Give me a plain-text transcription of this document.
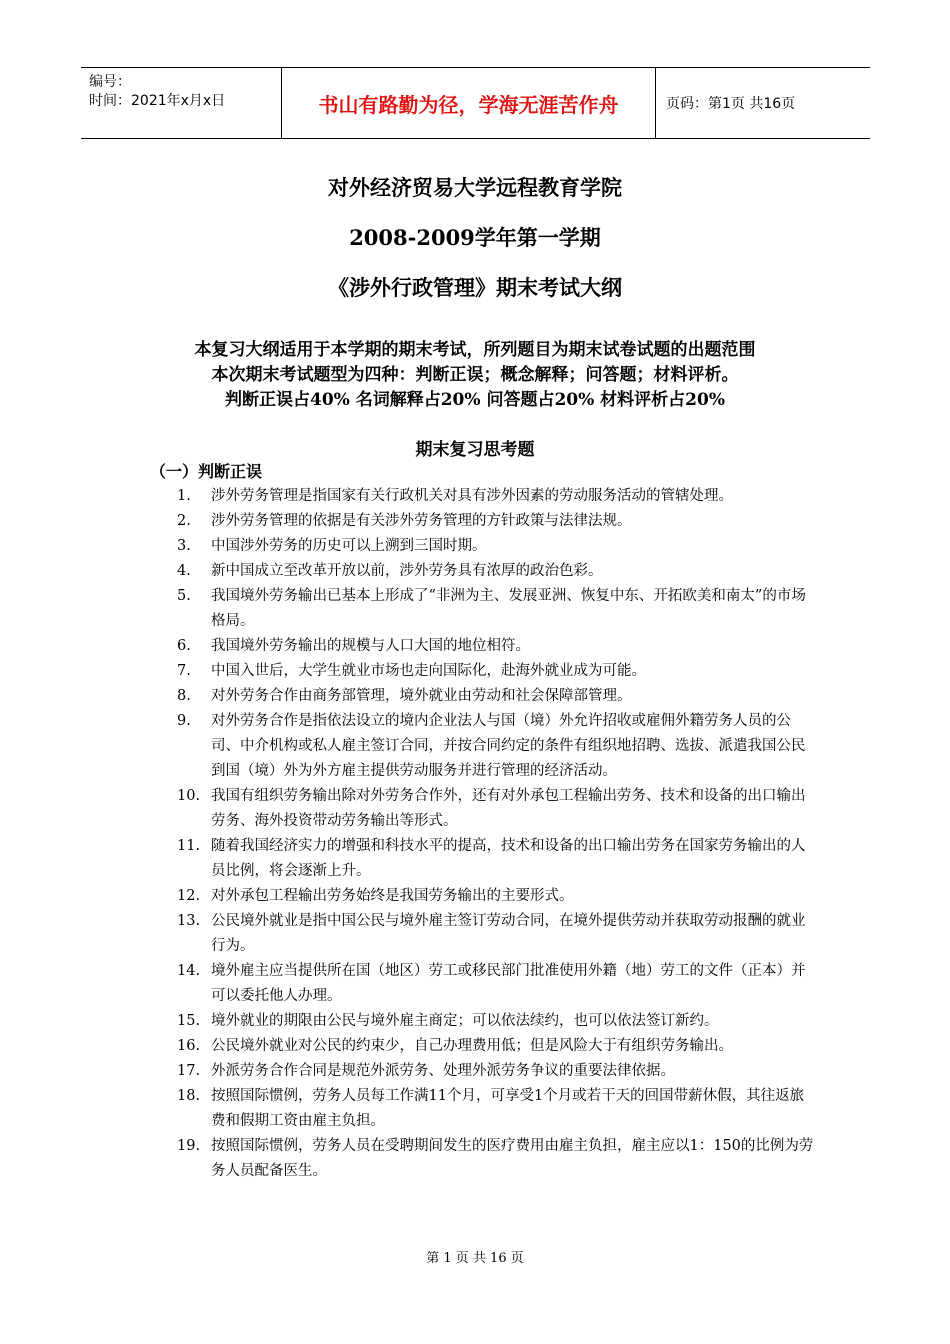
编号：
时间：2021年x月x日	书山有路勤为径，学海无涯苦作舟	页码：第1页 共16页
对外经济贸易大学远程教育学院
2008-2009学年第一学期
《涉外行政管理》期末考试大纲
本复习大纲适用于本学期的期末考试，所列题目为期末试卷试题的出题范围
本次期末考试题型为四种：判断正误；概念解释；问答题；材料评析。
判断正误占40% 名词解释占20% 问答题占20% 材料评析占20%
期末复习思考题
（一）判断正误
1.	涉外劳务管理是指国家有关行政机关对具有涉外因素的劳动服务活动的管辖处理。
2.	涉外劳务管理的依据是有关涉外劳务管理的方针政策与法律法规。
3.	中国涉外劳务的历史可以上溯到三国时期。
4.	新中国成立至改革开放以前，涉外劳务具有浓厚的政治色彩。
5.	我国境外劳务输出已基本上形成了“非洲为主、发展亚洲、恢复中东、开拓欧美和南太”的市场格局。
6.	我国境外劳务输出的规模与人口大国的地位相符。
7.	中国入世后，大学生就业市场也走向国际化，赴海外就业成为可能。
8.	对外劳务合作由商务部管理，境外就业由劳动和社会保障部管理。
9.	对外劳务合作是指依法设立的境内企业法人与国（境）外允许招收或雇佣外籍劳务人员的公司、中介机构或私人雇主签订合同，并按合同约定的条件有组织地招聘、选拔、派遣我国公民到国（境）外为外方雇主提供劳动服务并进行管理的经济活动。
10. 我国有组织劳务输出除对外劳务合作外，还有对外承包工程输出劳务、技术和设备的出口输出劳务、海外投资带动劳务输出等形式。
11. 随着我国经济实力的增强和科技水平的提高，技术和设备的出口输出劳务在国家劳务输出的人员比例，将会逐渐上升。
12. 对外承包工程输出劳务始终是我国劳务输出的主要形式。
13. 公民境外就业是指中国公民与境外雇主签订劳动合同，在境外提供劳动并获取劳动报酬的就业行为。
14. 境外雇主应当提供所在国（地区）劳工或移民部门批准使用外籍（地）劳工的文件（正本）并可以委托他人办理。
15. 境外就业的期限由公民与境外雇主商定；可以依法续约，也可以依法签订新约。
16. 公民境外就业对公民的约束少，自己办理费用低；但是风险大于有组织劳务输出。
17. 外派劳务合作合同是规范外派劳务、处理外派劳务争议的重要法律依据。
18. 按照国际惯例，劳务人员每工作满11个月，可享受1个月或若干天的回国带薪休假，其往返旅费和假期工资由雇主负担。
19. 按照国际惯例，劳务人员在受聘期间发生的医疗费用由雇主负担，雇主应以1：150的比例为劳务人员配备医生。
第 1 页 共 16 页
